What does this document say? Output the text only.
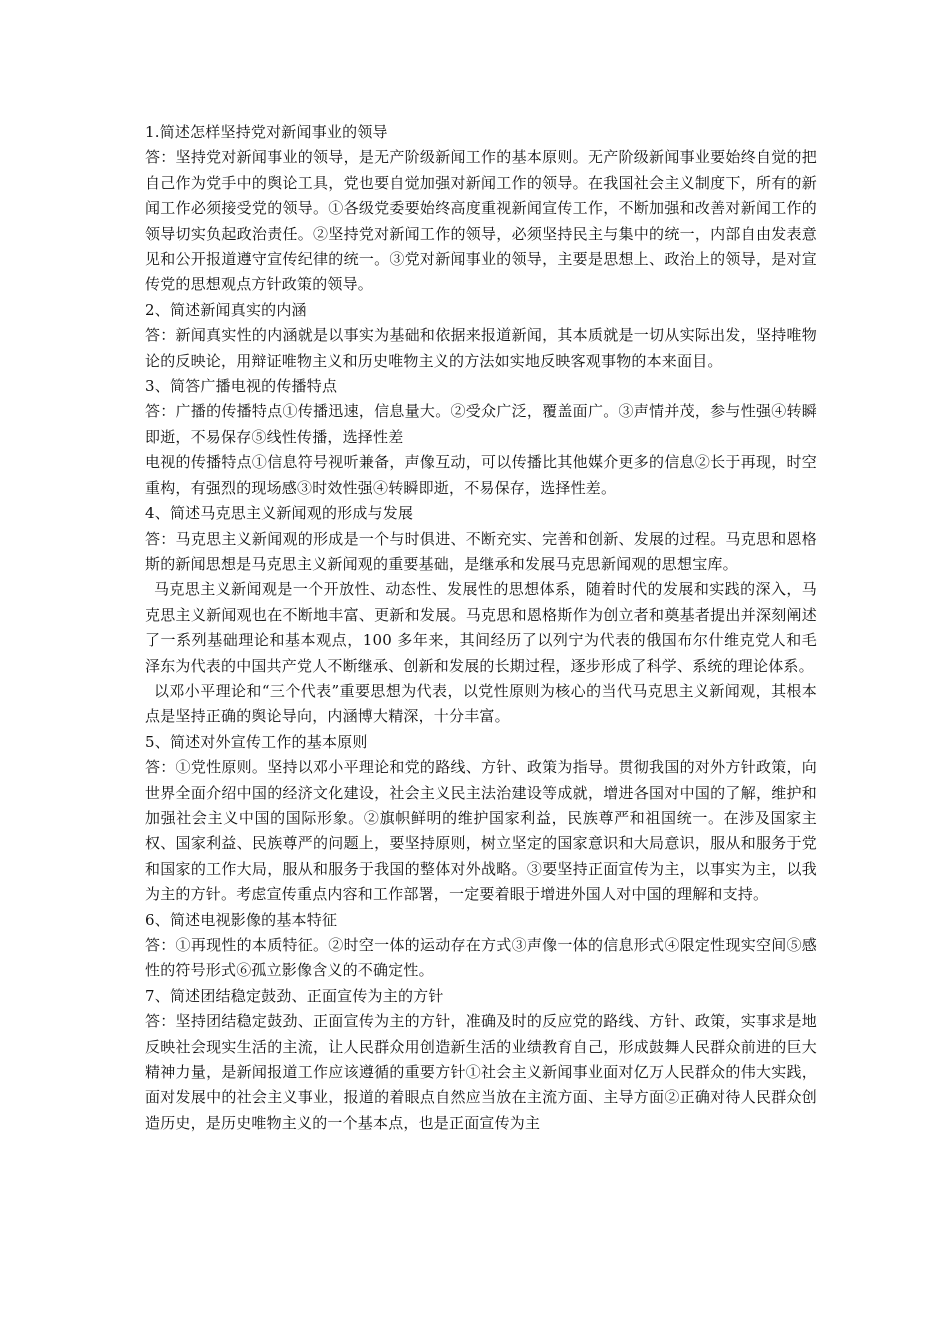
1.简述怎样坚持党对新闻事业的领导

答：坚持党对新闻事业的领导，是无产阶级新闻工作的基本原则。无产阶级新闻事业要始终自觉的把自己作为党手中的舆论工具，党也要自觉加强对新闻工作的领导。在我国社会主义制度下，所有的新闻工作必须接受党的领导。①各级党委要始终高度重视新闻宣传工作，不断加强和改善对新闻工作的领导切实负起政治责任。②坚持党对新闻工作的领导，必须坚持民主与集中的统一，内部自由发表意见和公开报道遵守宣传纪律的统一。③党对新闻事业的领导，主要是思想上、政治上的领导，是对宣传党的思想观点方针政策的领导。

2、简述新闻真实的内涵

答：新闻真实性的内涵就是以事实为基础和依据来报道新闻，其本质就是一切从实际出发，坚持唯物论的反映论，用辩证唯物主义和历史唯物主义的方法如实地反映客观事物的本来面目。

3、简答广播电视的传播特点

答：广播的传播特点①传播迅速，信息量大。②受众广泛，覆盖面广。③声情并茂，参与性强④转瞬即逝，不易保存⑤线性传播，选择性差

电视的传播特点①信息符号视听兼备，声像互动，可以传播比其他媒介更多的信息②长于再现，时空重构，有强烈的现场感③时效性强④转瞬即逝，不易保存，选择性差。

4、简述马克思主义新闻观的形成与发展

答：马克思主义新闻观的形成是一个与时俱进、不断充实、完善和创新、发展的过程。马克思和恩格斯的新闻思想是马克思主义新闻观的重要基础，是继承和发展马克思新闻观的思想宝库。

马克思主义新闻观是一个开放性、动态性、发展性的思想体系，随着时代的发展和实践的深入，马克思主义新闻观也在不断地丰富、更新和发展。马克思和恩格斯作为创立者和奠基者提出并深刻阐述了一系列基础理论和基本观点，100 多年来，其间经历了以列宁为代表的俄国布尔什维克党人和毛泽东为代表的中国共产党人不断继承、创新和发展的长期过程，逐步形成了科学、系统的理论体系。

以邓小平理论和“三个代表”重要思想为代表，以党性原则为核心的当代马克思主义新闻观，其根本点是坚持正确的舆论导向，内涵博大精深，十分丰富。

5、简述对外宣传工作的基本原则

答：①党性原则。坚持以邓小平理论和党的路线、方针、政策为指导。贯彻我国的对外方针政策，向世界全面介绍中国的经济文化建设，社会主义民主法治建设等成就，增进各国对中国的了解，维护和加强社会主义中国的国际形象。②旗帜鲜明的维护国家利益，民族尊严和祖国统一。在涉及国家主权、国家利益、民族尊严的问题上，要坚持原则，树立坚定的国家意识和大局意识，服从和服务于党和国家的工作大局，服从和服务于我国的整体对外战略。③要坚持正面宣传为主，以事实为主，以我为主的方针。考虑宣传重点内容和工作部署，一定要着眼于增进外国人对中国的理解和支持。

6、简述电视影像的基本特征

答：①再现性的本质特征。②时空一体的运动存在方式③声像一体的信息形式④限定性现实空间⑤感性的符号形式⑥孤立影像含义的不确定性。

7、简述团结稳定鼓劲、正面宣传为主的方针

答：坚持团结稳定鼓劲、正面宣传为主的方针，准确及时的反应党的路线、方针、政策，实事求是地反映社会现实生活的主流，让人民群众用创造新生活的业绩教育自己，形成鼓舞人民群众前进的巨大精神力量，是新闻报道工作应该遵循的重要方针①社会主义新闻事业面对亿万人民群众的伟大实践，面对发展中的社会主义事业，报道的着眼点自然应当放在主流方面、主导方面②正确对待人民群众创造历史，是历史唯物主义的一个基本点，也是正面宣传为主
